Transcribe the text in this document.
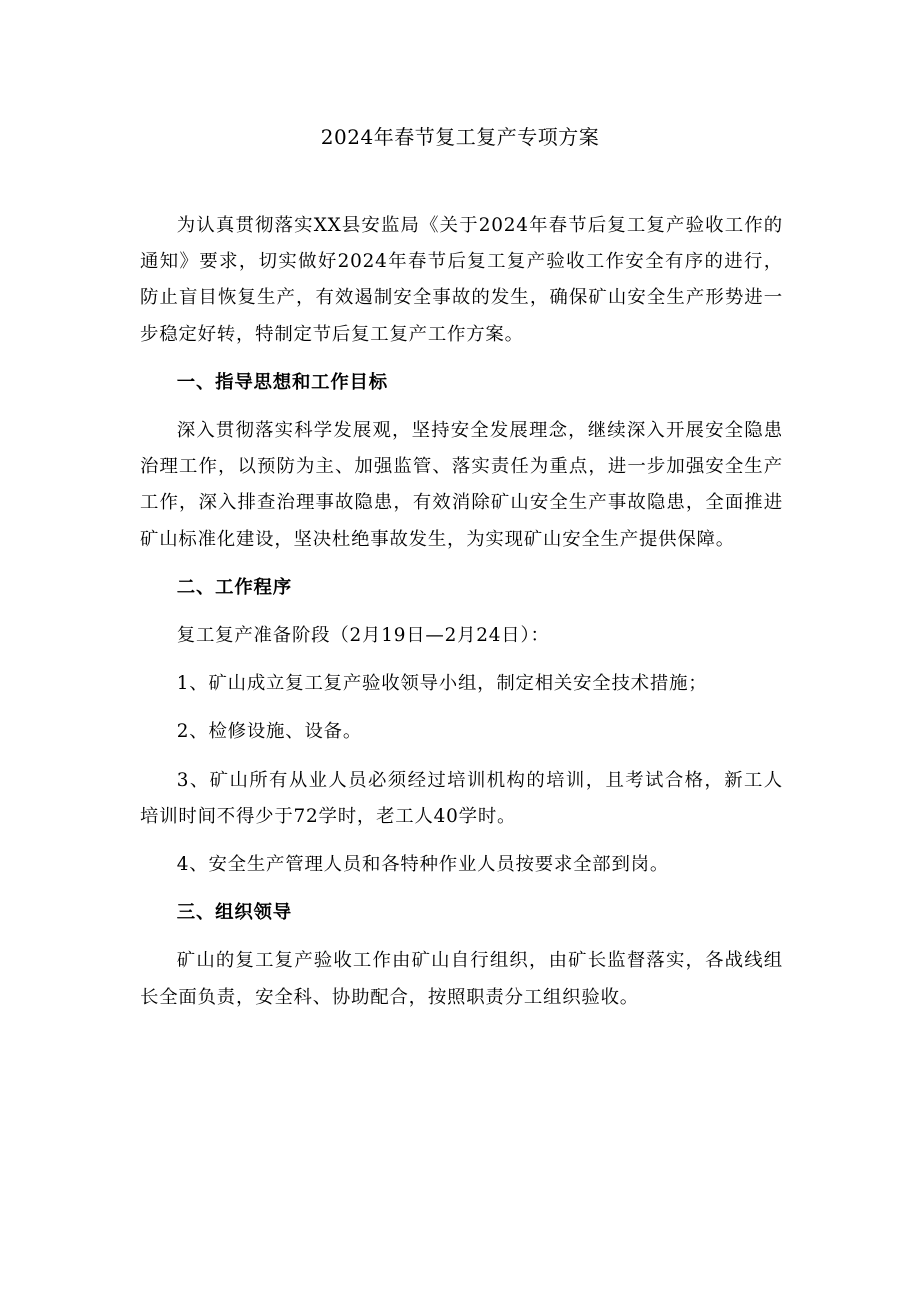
2024年春节复工复产专项方案

为认真贯彻落实XX县安监局《关于2024年春节后复工复产验收工作的通知》要求，切实做好2024年春节后复工复产验收工作安全有序的进行，防止盲目恢复生产，有效遏制安全事故的发生，确保矿山安全生产形势进一步稳定好转，特制定节后复工复产工作方案。

一、指导思想和工作目标

深入贯彻落实科学发展观，坚持安全发展理念，继续深入开展安全隐患治理工作，以预防为主、加强监管、落实责任为重点，进一步加强安全生产工作，深入排查治理事故隐患，有效消除矿山安全生产事故隐患，全面推进矿山标准化建设，坚决杜绝事故发生，为实现矿山安全生产提供保障。

二、工作程序

复工复产准备阶段（2月19日—2月24日）：

1、矿山成立复工复产验收领导小组，制定相关安全技术措施；

2、检修设施、设备。

3、矿山所有从业人员必须经过培训机构的培训，且考试合格，新工人培训时间不得少于72学时，老工人40学时。

4、安全生产管理人员和各特种作业人员按要求全部到岗。

三、组织领导

矿山的复工复产验收工作由矿山自行组织，由矿长监督落实，各战线组长全面负责，安全科、协助配合，按照职责分工组织验收。
